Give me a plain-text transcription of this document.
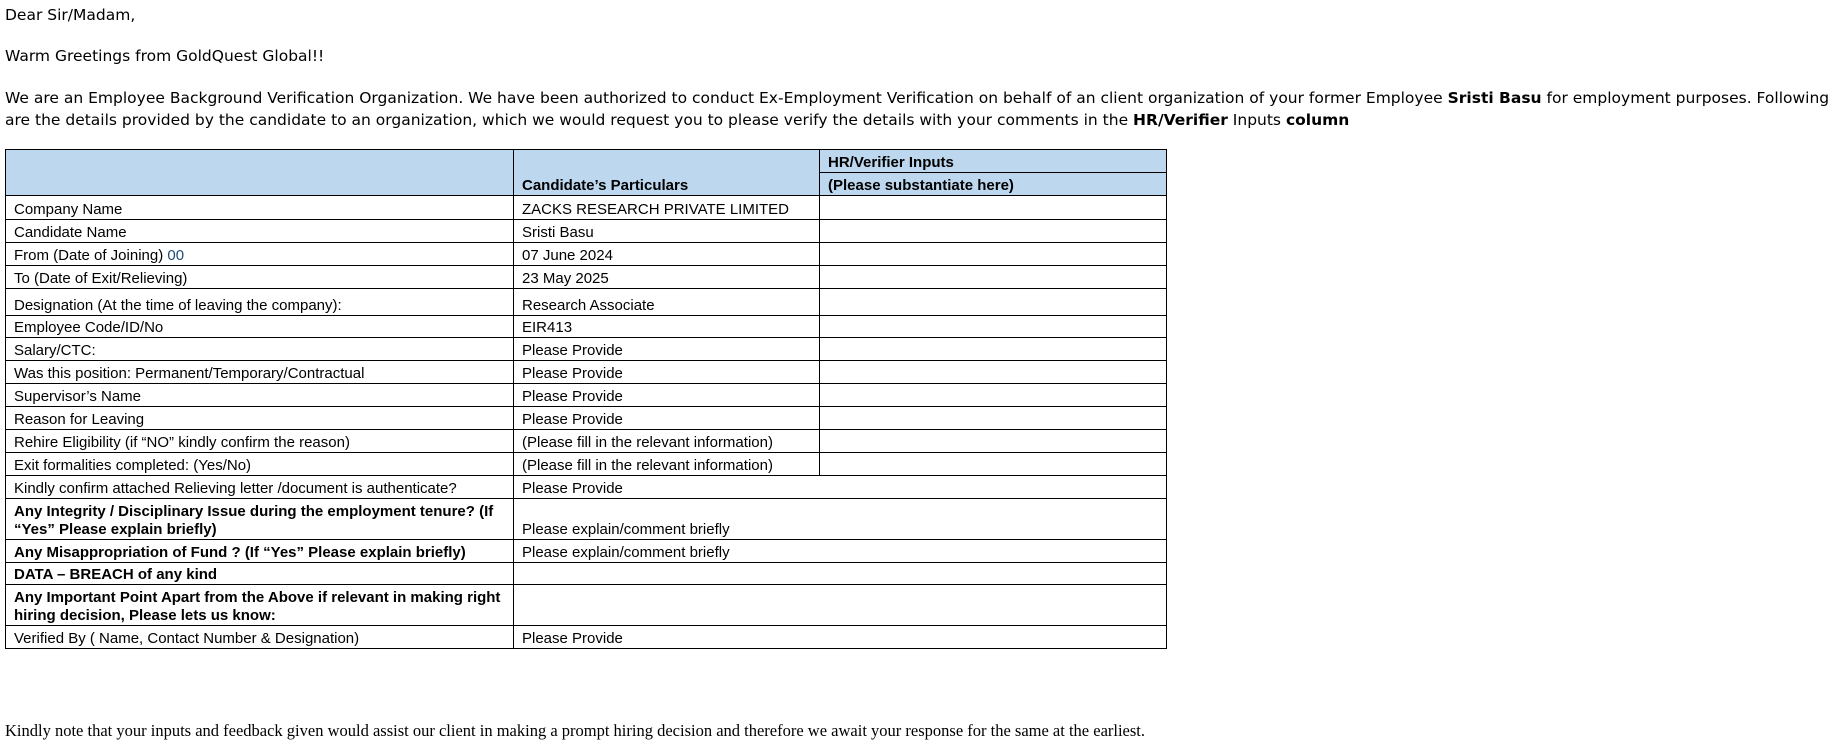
Dear Sir/Madam,
Warm Greetings from GoldQuest Global!!
We are an Employee Background Verification Organization. We have been authorized to conduct Ex-Employment Verification on behalf of an client organization of your former Employee Sristi Basu for employment purposes. Following are the details provided by the candidate to an organization, which we would request you to please verify the details with your comments in the HR/Verifier Inputs column
	Candidate’s Particulars	HR/Verifier Inputs
		(Please substantiate here)
Company Name	ZACKS RESEARCH PRIVATE LIMITED	
Candidate Name	Sristi Basu	
From (Date of Joining) 00	07 June 2024	
To (Date of Exit/Relieving)	23 May 2025	
Designation (At the time of leaving the company):	Research Associate	
Employee Code/ID/No	EIR413	
Salary/CTC:	Please Provide	
Was this position: Permanent/Temporary/Contractual	Please Provide	
Supervisor’s Name	Please Provide	
Reason for Leaving	Please Provide	
Rehire Eligibility (if “NO” kindly confirm the reason)	(Please fill in the relevant information)	
Exit formalities completed: (Yes/No)	(Please fill in the relevant information)	
Kindly confirm attached Relieving letter /document is authenticate?	Please Provide	
Any Integrity / Disciplinary Issue during the employment tenure? (If “Yes” Please explain briefly)	Please explain/comment briefly	
Any Misappropriation of Fund ? (If “Yes” Please explain briefly)	Please explain/comment briefly	
DATA – BREACH of any kind		
Any Important Point Apart from the Above if relevant in making right hiring decision, Please lets us know:		
Verified By ( Name, Contact Number & Designation)	Please Provide	
Kindly note that your inputs and feedback given would assist our client in making a prompt hiring decision and therefore we await your response for the same at the earliest.
